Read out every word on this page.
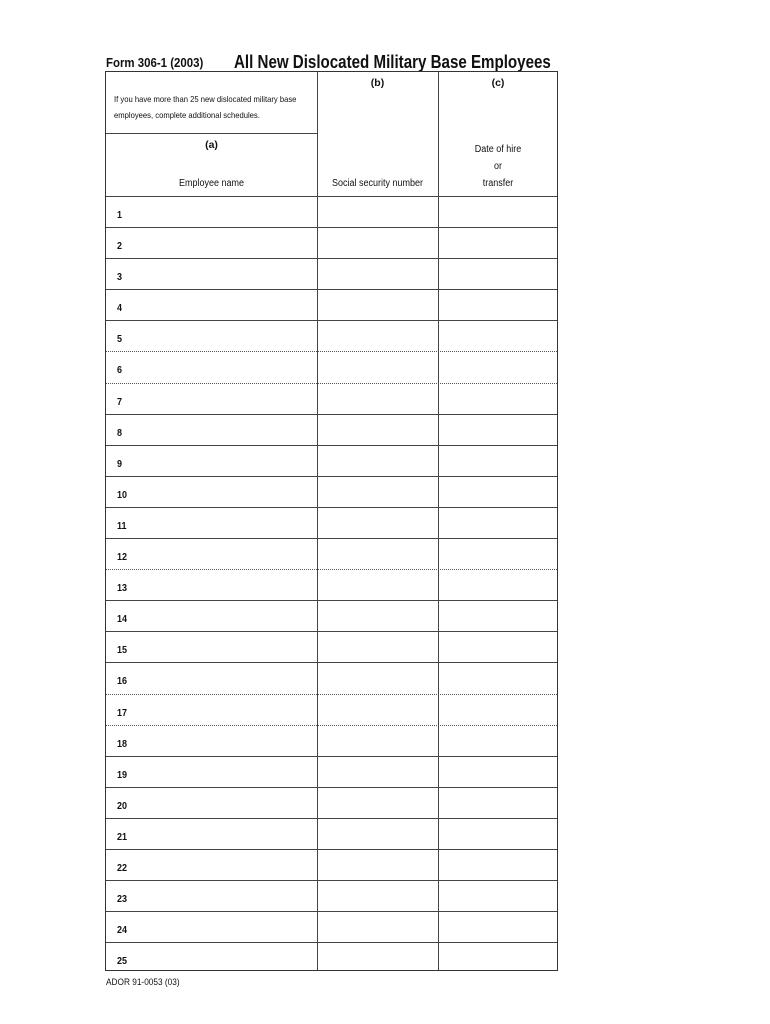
Form 306-1 (2003) All New Dislocated Military Base Employees
If you have more than 25 new dislocated military base employees, complete additional schedules.
(a)
Employee name
(b)
Social security number
(c)
Date of hire
or
transfer
1
2
3
4
5
6
7
8
9
10
11
12
13
14
15
16
17
18
19
20
21
22
23
24
25
ADOR 91-0053 (03)
